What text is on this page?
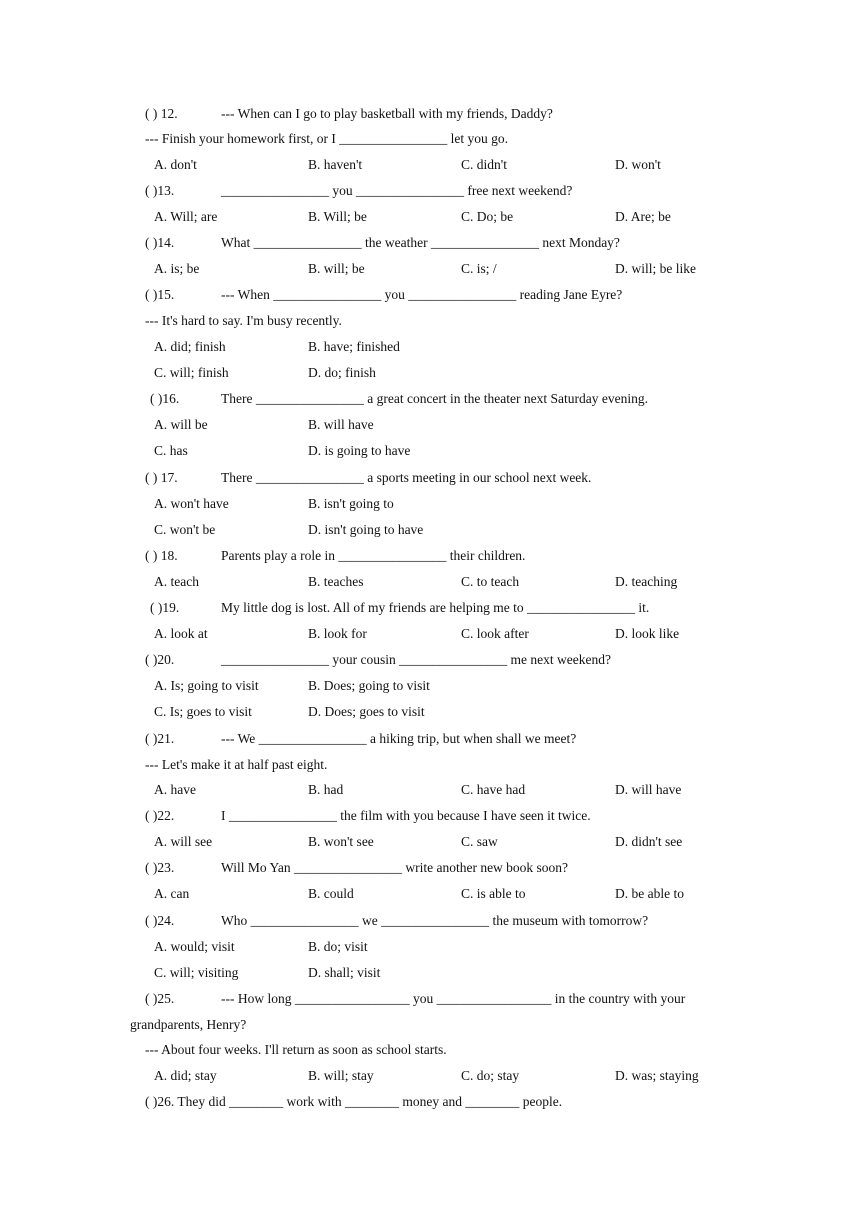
( ) 12.	--- When can I go to play basketball with my friends, Daddy?
--- Finish your homework first, or I ________________ let you go.
A. don't	B. haven't	C. didn't	D. won't
( )13.	________________ you ________________ free next weekend?
A. Will; are	B. Will; be	C. Do; be	D. Are; be
( )14.	What ________________ the weather ________________ next Monday?
A. is; be	B. will; be	C. is; /	D. will; be like
( )15.	--- When ________________ you ________________ reading Jane Eyre?
--- It's hard to say. I'm busy recently.
A. did; finish	B. have; finished
C. will; finish	D. do; finish
( )16.	There ________________ a great concert in the theater next Saturday evening.
A. will be	B. will have
C. has	D. is going to have
( ) 17.	There ________________ a sports meeting in our school next week.
A. won't have	B. isn't going to
C. won't be	D. isn't going to have
( ) 18.	Parents play a role in ________________ their children.
A. teach	B. teaches	C. to teach	D. teaching
( )19.	My little dog is lost. All of my friends are helping me to ________________ it.
A. look at	B. look for	C. look after	D. look like
( )20.	________________ your cousin ________________ me next weekend?
A. Is; going to visit	B. Does; going to visit
C. Is; goes to visit	D. Does; goes to visit
( )21.	--- We ________________ a hiking trip, but when shall we meet?
--- Let's make it at half past eight.
A. have	B. had	C. have had	D. will have
( )22.	I ________________ the film with you because I have seen it twice.
A. will see	B. won't see	C. saw	D. didn't see
( )23.	Will Mo Yan ________________ write another new book soon?
A. can	B. could	C. is able to	D. be able to
( )24.	Who ________________ we ________________ the museum with tomorrow?
A. would; visit	B. do; visit
C. will; visiting	D. shall; visit
( )25.	--- How long _________________ you _________________ in the country with your
grandparents, Henry?
--- About four weeks. I'll return as soon as school starts.
A. did; stay	B. will; stay	C. do; stay	D. was; staying
( )26. They did ________ work with ________ money and ________ people.
